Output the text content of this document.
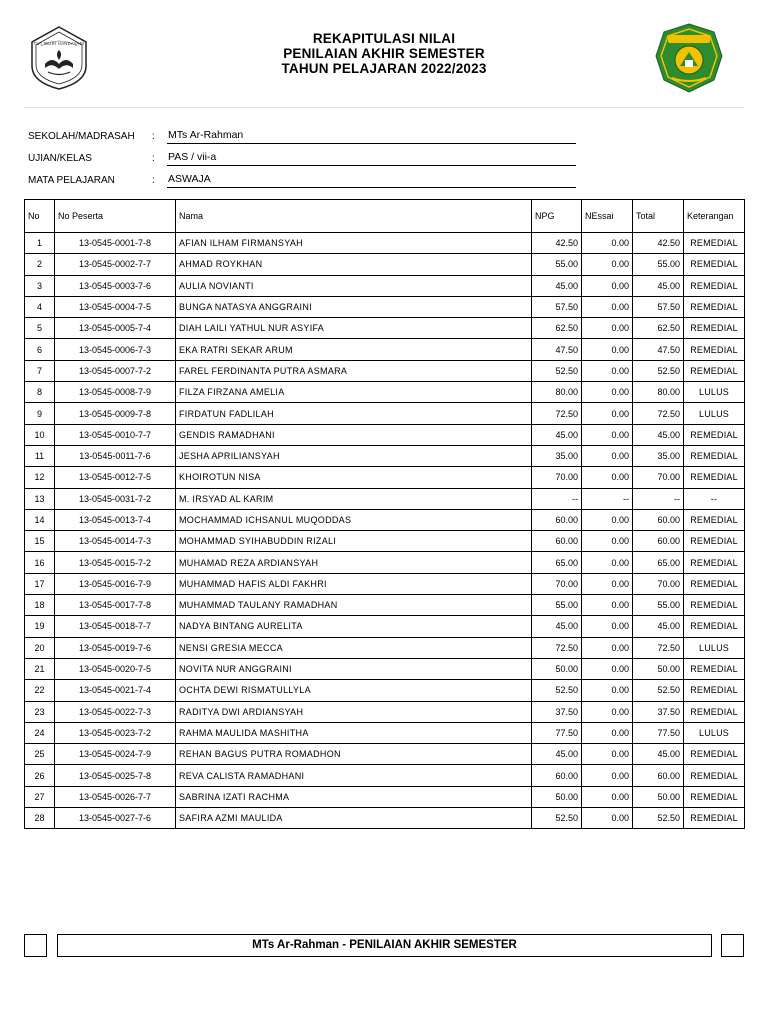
TUT WURI HANDAYANI	REKAPITULASI NILAI
PENILAIAN AKHIR SEMESTER
TAHUN PELAJARAN 2022/2023
SEKOLAH/MADRASAH : MTs Ar-Rahman
UJIAN/KELAS	: PAS / vii-a
MATA PELAJARAN	: ASWAJA
No	No Peserta	Nama	NPG	NEssai	Total	Keterangan
1	13-0545-0001-7-8	AFIAN ILHAM FIRMANSYAH	42.50	0.00	42.50	REMEDIAL
2	13-0545-0002-7-7	AHMAD ROYKHAN	55.00	0.00	55.00	REMEDIAL
3	13-0545-0003-7-6	AULIA NOVIANTI	45.00	0.00	45.00	REMEDIAL
4	13-0545-0004-7-5	BUNGA NATASYA ANGGRAINI	57.50	0.00	57.50	REMEDIAL
5	13-0545-0005-7-4	DIAH LAILI YATHUL NUR ASYIFA	62.50	0.00	62.50	REMEDIAL
6	13-0545-0006-7-3	EKA RATRI SEKAR ARUM	47.50	0.00	47.50	REMEDIAL
7	13-0545-0007-7-2	FAREL FERDINANTA PUTRA ASMARA	52.50	0.00	52.50	REMEDIAL
8	13-0545-0008-7-9	FILZA FIRZANA AMELIA	80.00	0.00	80.00	LULUS
9	13-0545-0009-7-8	FIRDATUN FADLILAH	72.50	0.00	72.50	LULUS
10	13-0545-0010-7-7	GENDIS RAMADHANI	45.00	0.00	45.00	REMEDIAL
11	13-0545-0011-7-6	JESHA APRILIANSYAH	35.00	0.00	35.00	REMEDIAL
12	13-0545-0012-7-5	KHOIROTUN NISA	70.00	0.00	70.00	REMEDIAL
13	13-0545-0031-7-2	M. IRSYAD AL KARIM	--	--	--	--
14	13-0545-0013-7-4	MOCHAMMAD ICHSANUL MUQODDAS	60.00	0.00	60.00	REMEDIAL
15	13-0545-0014-7-3	MOHAMMAD SYIHABUDDIN RIZALI	60.00	0.00	60.00	REMEDIAL
16	13-0545-0015-7-2	MUHAMAD REZA ARDIANSYAH	65.00	0.00	65.00	REMEDIAL
17	13-0545-0016-7-9	MUHAMMAD HAFIS ALDI FAKHRI	70.00	0.00	70.00	REMEDIAL
18	13-0545-0017-7-8	MUHAMMAD TAULANY RAMADHAN	55.00	0.00	55.00	REMEDIAL
19	13-0545-0018-7-7	NADYA BINTANG AURELITA	45.00	0.00	45.00	REMEDIAL
20	13-0545-0019-7-6	NENSI GRESIA MECCA	72.50	0.00	72.50	LULUS
21	13-0545-0020-7-5	NOVITA NUR ANGGRAINI	50.00	0.00	50.00	REMEDIAL
22	13-0545-0021-7-4	OCHTA DEWI RISMATULLYLA	52.50	0.00	52.50	REMEDIAL
23	13-0545-0022-7-3	RADITYA DWI ARDIANSYAH	37.50	0.00	37.50	REMEDIAL
24	13-0545-0023-7-2	RAHMA MAULIDA MASHITHA	77.50	0.00	77.50	LULUS
25	13-0545-0024-7-9	REHAN BAGUS PUTRA ROMADHON	45.00	0.00	45.00	REMEDIAL
26	13-0545-0025-7-8	REVA CALISTA RAMADHANI	60.00	0.00	60.00	REMEDIAL
27	13-0545-0026-7-7	SABRINA IZATI RACHMA	50.00	0.00	50.00	REMEDIAL
28	13-0545-0027-7-6	SAFIRA AZMI MAULIDA	52.50	0.00	52.50	REMEDIAL
MTs Ar-Rahman - PENILAIAN AKHIR SEMESTER
